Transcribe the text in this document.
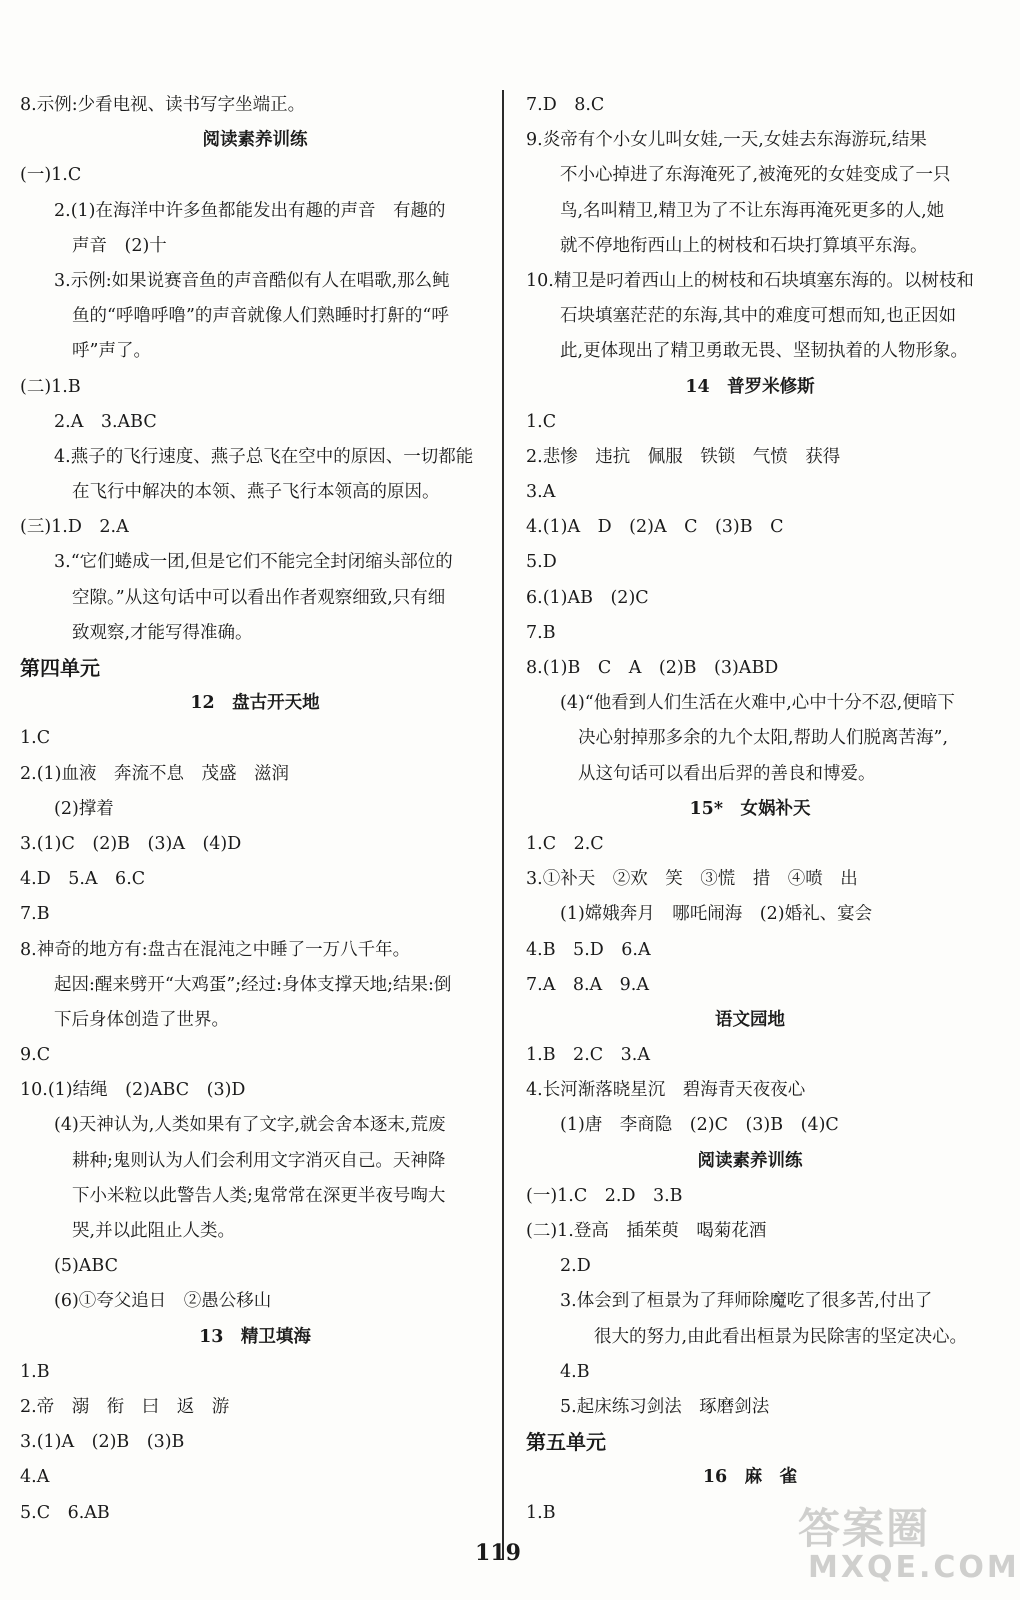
8.示例:少看电视、读书写字坐端正。
阅读素养训练
(一)1.C
2.(1)在海洋中许多鱼都能发出有趣的声音　有趣的
声音　(2)十
3.示例:如果说赛音鱼的声音酷似有人在唱歌,那么鲀
鱼的“呼噜呼噜”的声音就像人们熟睡时打鼾的“呼
呼”声了。
(二)1.B
2.A　3.ABC
4.燕子的飞行速度、燕子总飞在空中的原因、一切都能
在飞行中解决的本领、燕子飞行本领高的原因。
(三)1.D　2.A
3.“它们蜷成一团,但是它们不能完全封闭缩头部位的
空隙。”从这句话中可以看出作者观察细致,只有细
致观察,才能写得准确。
第四单元
12　盘古开天地
1.C
2.(1)血液　奔流不息　茂盛　滋润
(2)撑着
3.(1)C　(2)B　(3)A　(4)D
4.D　5.A　6.C
7.B
8.神奇的地方有:盘古在混沌之中睡了一万八千年。
起因:醒来劈开“大鸡蛋”;经过:身体支撑天地;结果:倒
下后身体创造了世界。
9.C
10.(1)结绳　(2)ABC　(3)D
(4)天神认为,人类如果有了文字,就会舍本逐末,荒废
耕种;鬼则认为人们会利用文字消灭自己。天神降
下小米粒以此警告人类;鬼常常在深更半夜号啕大
哭,并以此阻止人类。
(5)ABC
(6)①夸父追日　②愚公移山
13　精卫填海
1.B
2.帝　溺　衔　曰　返　游
3.(1)A　(2)B　(3)B
4.A
5.C　6.AB
7.D　8.C
9.炎帝有个小女儿叫女娃,一天,女娃去东海游玩,结果
不小心掉进了东海淹死了,被淹死的女娃变成了一只
鸟,名叫精卫,精卫为了不让东海再淹死更多的人,她
就不停地衔西山上的树枝和石块打算填平东海。
10.精卫是叼着西山上的树枝和石块填塞东海的。以树枝和
石块填塞茫茫的东海,其中的难度可想而知,也正因如
此,更体现出了精卫勇敢无畏、坚韧执着的人物形象。
14　普罗米修斯
1.C
2.悲惨　违抗　佩服　铁锁　气愤　获得
3.A
4.(1)A　D　(2)A　C　(3)B　C
5.D
6.(1)AB　(2)C
7.B
8.(1)B　C　A　(2)B　(3)ABD
(4)“他看到人们生活在火难中,心中十分不忍,便暗下
决心射掉那多余的九个太阳,帮助人们脱离苦海”,
从这句话可以看出后羿的善良和博爱。
15*　女娲补天
1.C　2.C
3.①补天　②欢　笑　③慌　措　④喷　出
(1)嫦娥奔月　哪吒闹海　(2)婚礼、宴会
4.B　5.D　6.A
7.A　8.A　9.A
语文园地
1.B　2.C　3.A
4.长河渐落晓星沉　碧海青天夜夜心
(1)唐　李商隐　(2)C　(3)B　(4)C
阅读素养训练
(一)1.C　2.D　3.B
(二)1.登高　插茱萸　喝菊花酒
2.D
3.体会到了桓景为了拜师除魔吃了很多苦,付出了
很大的努力,由此看出桓景为民除害的坚定决心。
4.B
5.起床练习剑法　琢磨剑法
第五单元
16　麻　雀
1.B
119	答案圈
MXQE.COM
